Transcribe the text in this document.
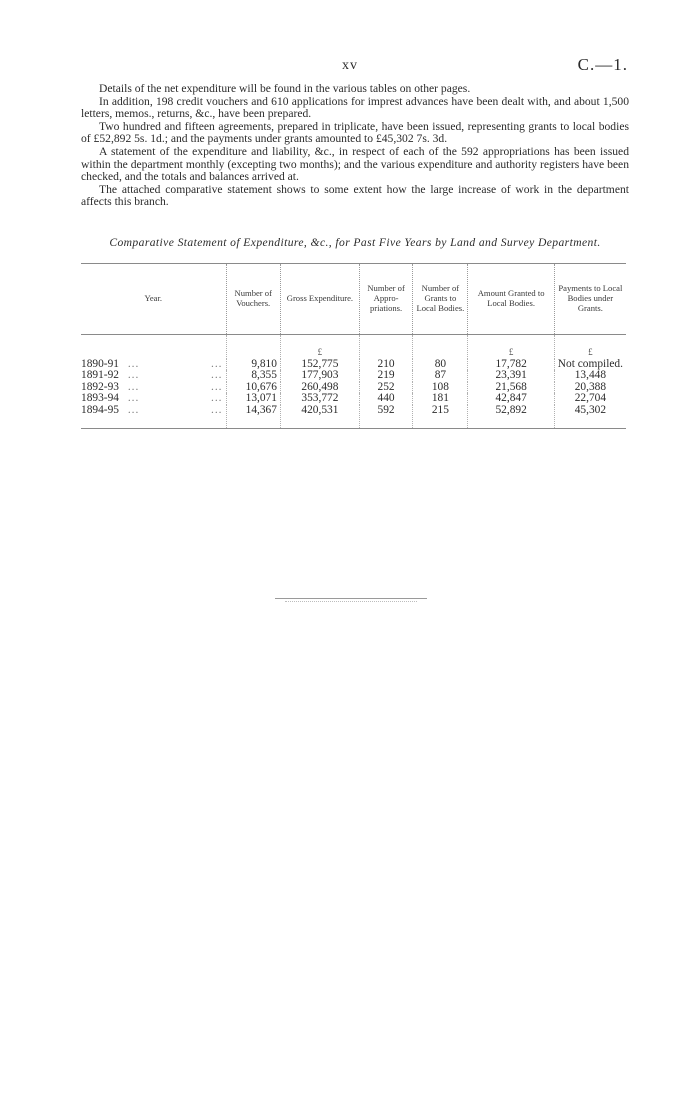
xv	C.—1.

Details of the net expenditure will be found in the various tables on other pages.

In addition, 198 credit vouchers and 610 applications for imprest advances have been dealt with, and about 1,500 letters, memos., returns, &c., have been prepared.

Two hundred and fifteen agreements, prepared in triplicate, have been issued, representing grants to local bodies of £52,892 5s. 1d.; and the payments under grants amounted to £45,302 7s. 3d.

A statement of the expenditure and liability, &c., in respect of each of the 592 appropriations has been issued within the department monthly (excepting two months); and the various expenditure and authority registers have been checked, and the totals and balances arrived at.

The attached comparative statement shows to some extent how the large increase of work in the department affects this branch.

Comparative Statement of Expenditure, &c., for Past Five Years by Land and Survey Department.
Year.	Number of Vouchers.	Gross Expenditure.	Number of Appro-priations.	Number of Grants to Local Bodies.	Amount Granted to Local Bodies.	Payments to Local Bodies under Grants.
		£			£	£
1890-91 ... ...	9,810	152,775	210	80	17,782	Not compiled.
1891-92 ... ...	8,355	177,903	219	87	23,391	13,448
1892-93 ... ...	10,676	260,498	252	108	21,568	20,388
1893-94 ... ...	13,071	353,772	440	181	42,847	22,704
1894-95 ... ...	14,367	420,531	592	215	52,892	45,302
